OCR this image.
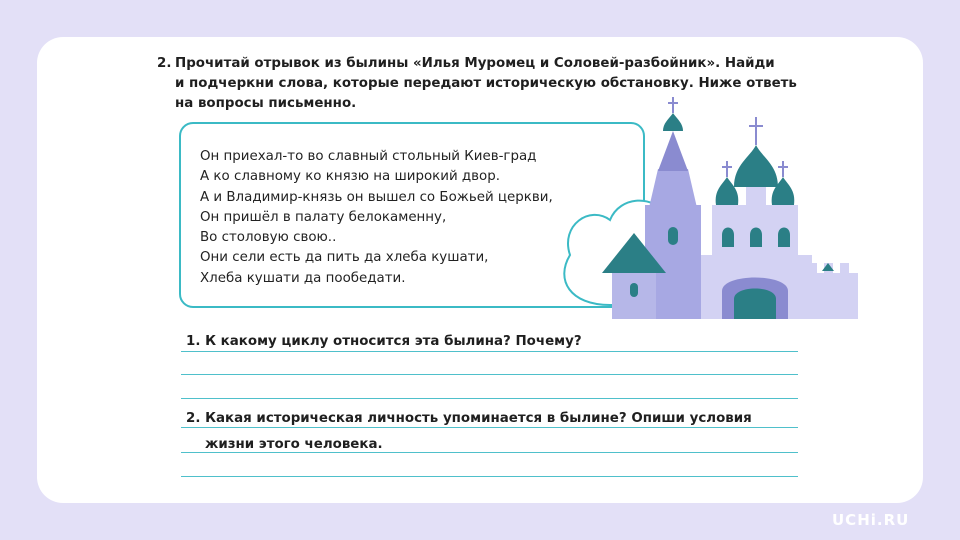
2. Прочитай отрывок из былины «Илья Муромец и Соловей-разбойник». Найди
и подчеркни слова, которые передают историческую обстановку. Ниже ответь
на вопросы письменно.
Он приехал-то во славный стольный Киев-град
А ко славному ко князю на широкий двор.
А и Владимир-князь он вышел со Божьей церкви,
Он пришёл в палату белокаменну,
Во столовую свою..
Они сели есть да пить да хлеба кушати,
Хлеба кушати да пообедати.
1. К какому циклу относится эта былина? Почему?
2. Какая историческая личность упоминается в былине? Опиши условия
жизни этого человека.
UCHi.RU
